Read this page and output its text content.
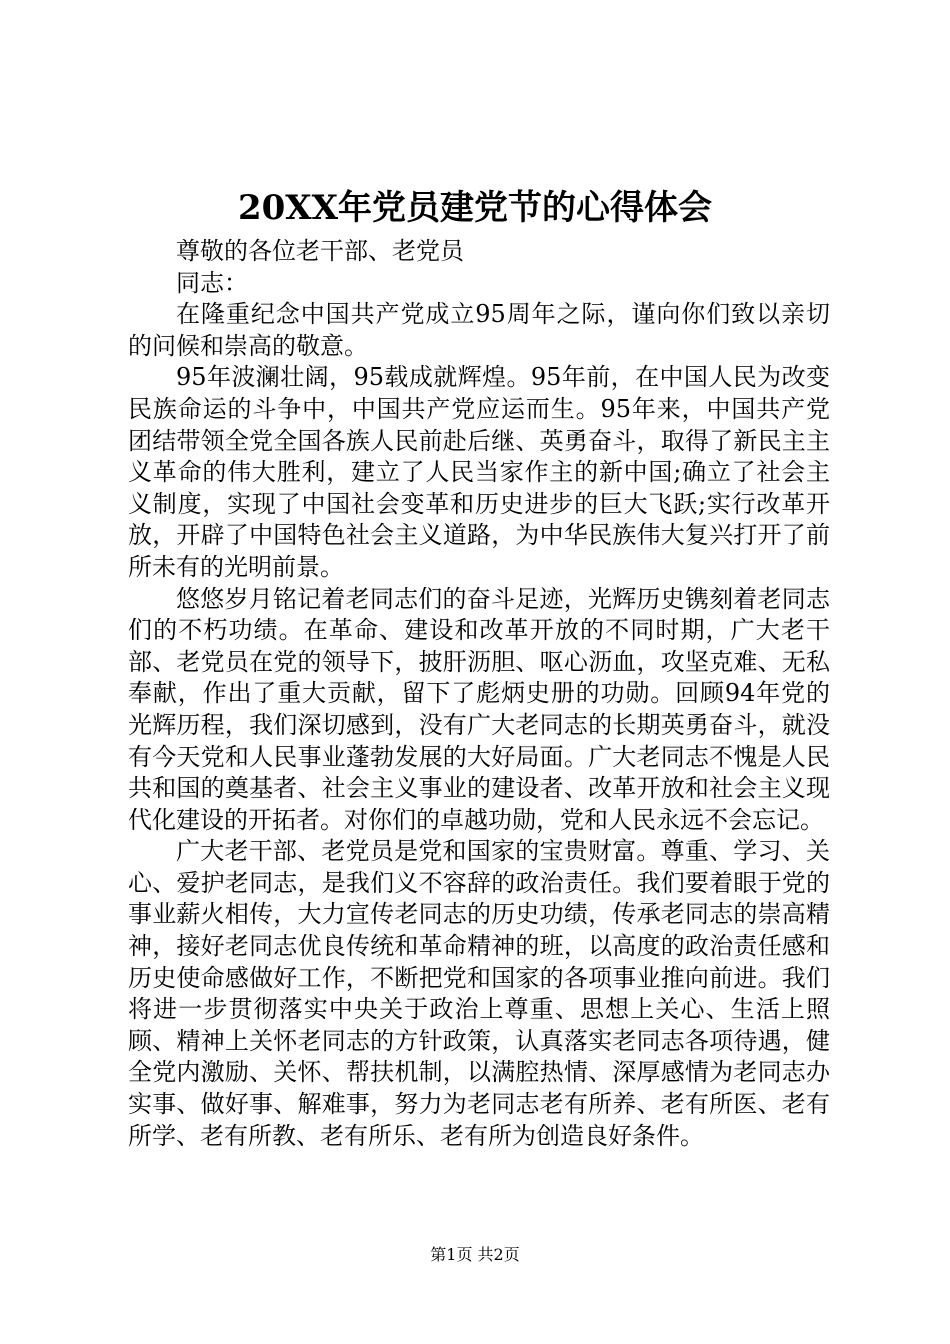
20XX年党员建党节的心得体会

尊敬的各位老干部、老党员

同志：

在隆重纪念中国共产党成立95周年之际，谨向你们致以亲切的问候和崇高的敬意。

95年波澜壮阔，95载成就辉煌。95年前，在中国人民为改变民族命运的斗争中，中国共产党应运而生。95年来，中国共产党团结带领全党全国各族人民前赴后继、英勇奋斗，取得了新民主主义革命的伟大胜利，建立了人民当家作主的新中国;确立了社会主义制度，实现了中国社会变革和历史进步的巨大飞跃;实行改革开放，开辟了中国特色社会主义道路，为中华民族伟大复兴打开了前所未有的光明前景。

悠悠岁月铭记着老同志们的奋斗足迹，光辉历史镌刻着老同志们的不朽功绩。在革命、建设和改革开放的不同时期，广大老干部、老党员在党的领导下，披肝沥胆、呕心沥血，攻坚克难、无私奉献，作出了重大贡献，留下了彪炳史册的功勋。回顾94年党的光辉历程，我们深切感到，没有广大老同志的长期英勇奋斗，就没有今天党和人民事业蓬勃发展的大好局面。广大老同志不愧是人民共和国的奠基者、社会主义事业的建设者、改革开放和社会主义现代化建设的开拓者。对你们的卓越功勋，党和人民永远不会忘记。

广大老干部、老党员是党和国家的宝贵财富。尊重、学习、关心、爱护老同志，是我们义不容辞的政治责任。我们要着眼于党的事业薪火相传，大力宣传老同志的历史功绩，传承老同志的崇高精神，接好老同志优良传统和革命精神的班，以高度的政治责任感和历史使命感做好工作，不断把党和国家的各项事业推向前进。我们将进一步贯彻落实中央关于政治上尊重、思想上关心、生活上照顾、精神上关怀老同志的方针政策，认真落实老同志各项待遇，健全党内激励、关怀、帮扶机制，以满腔热情、深厚感情为老同志办实事、做好事、解难事，努力为老同志老有所养、老有所医、老有所学、老有所教、老有所乐、老有所为创造良好条件。

第1页 共2页
